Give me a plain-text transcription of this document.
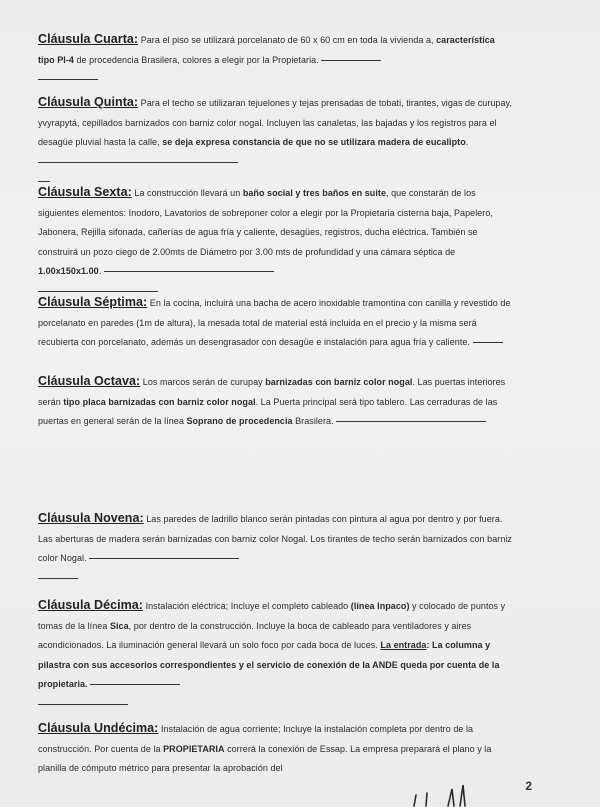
Cláusula Cuarta: Para el piso se utilizará porcelanato de 60 x 60 cm en toda la vivienda a, característica tipo PI-4 de procedencia Brasilera, colores a elegir por la Propietaria.

Cláusula Quinta: Para el techo se utilizaran tejuelones y tejas prensadas de tobati, tirantes, vigas de curupay, yvyrapytá, cepillados barnizados con barniz color nogal. Incluyen las canaletas, las bajadas y los registros para el desagüe pluvial hasta la calle, se deja expresa constancia de que no se utilizara madera de eucalipto.

Cláusula Sexta: La construcción llevará un baño social y tres baños en suite, que constarán de los siguientes elementos: Inodoro, Lavatorios de sobreponer color a elegir por la Propietaria cisterna baja, Papelero, Jabonera, Rejilla sifonada, cañerías de agua fría y caliente, desagües, registros, ducha eléctrica. También se construirá un pozo ciego de 2.00mts de Diámetro por 3.00 mts de profundidad y una cámara séptica de 1.00x150x1.00.

Cláusula Séptima: En la cocina, incluirá una bacha de acero inoxidable tramontina con canilla y revestido de porcelanato en paredes (1m de altura), la mesada total de material está incluida en el precio y la misma será recubierta con porcelanato, además un desengrasador con desagüe e instalación para agua fría y caliente.
Cláusula Octava: Los marcos serán de curupay barnizadas con barniz color nogal. Las puertas interiores serán tipo placa barnizadas con barniz color nogal. La Puerta principal será tipo tablero. Las cerraduras de las puertas en general serán de la línea Soprano de procedencia Brasilera.
Cláusula Novena: Las paredes de ladrillo blanco serán pintadas con pintura al agua por dentro y por fuera. Las aberturas de madera serán barnizadas con barniz color Nogal. Los tirantes de techo serán barnizados con barniz color Nogal.

Cláusula Décima: Instalación eléctrica; Incluye el completo cableado (línea Inpaco) y colocado de puntos y tomas de la línea Sica, por dentro de la construcción. Incluye la boca de cableado para ventiladores y aires acondicionados. La iluminación general llevará un solo foco por cada boca de luces. La entrada: La columna y pilastra con sus accesorios correspondientes y el servicio de conexión de la ANDE queda por cuenta de la propietaria.

Cláusula Undécima: Instalación de agua corriente; Incluye la instalación completa por dentro de la construcción. Por cuenta de la PROPIETARIA correrá la conexión de Essap. La empresa preparará el plano y la planilla de cómputo métrico para presentar la aprobación del
2
